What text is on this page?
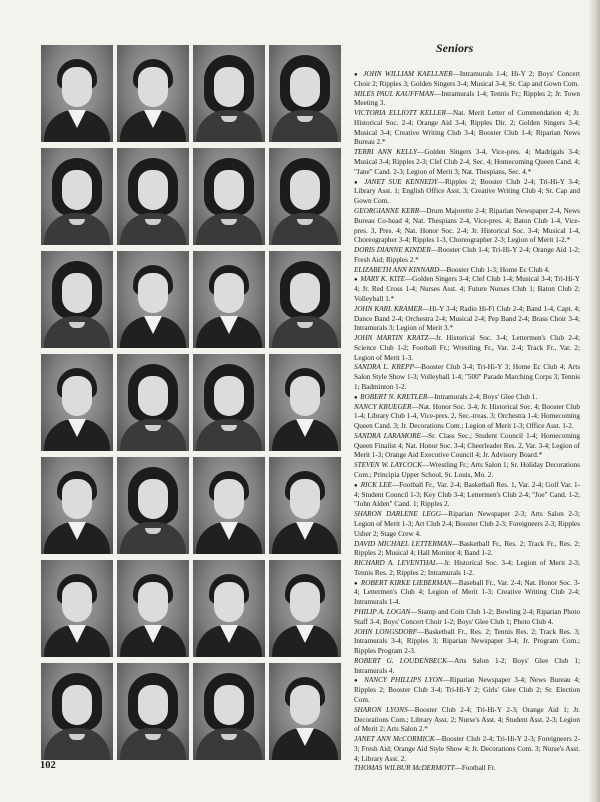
Seniors

● JOHN WILLIAM KAELLNER—Intramurals 1-4; Hi-Y 2; Boys' Concert Choir 2; Ripples 3; Golden Singers 3-4; Musical 3-4; Sr. Cap and Gown Com.

MILES PAUL KAUFFMAN—Intramurals 1-4; Tennis Fr.; Ripples 2; Jr. Town Meeting 3.

VICTORIA ELLIOTT KELLER—Nat. Merit Letter of Commendation 4; Jr. Historical Soc. 2-4; Orange Aid 3-4; Ripples Dir. 2; Golden Singers 3-4; Musical 3-4; Creative Writing Club 3-4; Booster Club 1-4; Riparian News Bureau 2.*

TERRI ANN KELLY—Golden Singers 3-4, Vice-pres. 4; Madrigals 3-4; Musical 3-4; Ripples 2-3; Clef Club 2-4, Sec. 4; Homecoming Queen Cand. 4; "Jane" Cand. 2-3; Legion of Merit 3; Nat. Thespians, Sec. 4.*

● JANET SUE KENNEDY—Ripples 2; Booster Club 2-4; Tri-Hi-Y 3-4; Library Asst. 1; English Office Asst. 3; Creative Writing Club 4; Sr. Cap and Gown Com.

GEORGIANNE KERR—Drum Majorette 2-4; Riparian Newspaper 2-4, News Bureau Co-head 4; Nat. Thespians 2-4, Vice-pres. 4; Baton Club 1-4, Vice-pres. 3, Pres. 4; Nat. Honor Soc. 2-4; Jr. Historical Soc. 3-4; Musical 1-4, Choreographer 3-4; Ripples 1-3, Choreographer 2-3; Legion of Merit 1-2.*

DORIS DIANNE KINDER—Booster Club 1-4; Tri-Hi-Y 2-4; Orange Aid 1-2; Fresh Aid; Ripples 2.*

ELIZABETH ANN KINNARD—Booster Club 1-3; Home Ec Club 4.

● MARY K. KITE—Golden Singers 3-4; Clef Club 1-4; Musical 3-4; Tri-Hi-Y 4; Jr. Red Cross 1-4; Nurses Asst. 4; Future Nurses Club 1; Baton Club 2; Volleyball 1.*

JOHN KARL KRAMER—Hi-Y 3-4; Radio Hi-Fi Club 2-4; Band 1-4, Capt. 4; Dance Band 2-4; Orchestra 2-4; Musical 2-4; Pep Band 2-4; Brass Choir 3-4; Intramurals 3; Legion of Merit 3.*

JOHN MARTIN KRATZ—Jr. Historical Soc. 3-4; Lettermen's Club 2-4; Science Club 1-2; Football Fr.; Wrestling Fr., Var. 2-4; Track Fr., Var. 2; Legion of Merit 1-3.

SANDRA L. KREPP—Booster Club 3-4; Tri-Hi-Y 3; Home Ec Club 4; Arts Salon Style Show 1-3; Volleyball 1-4; "500" Parade Marching Corps 3; Tennis 1; Badminton 1-2.

● ROBERT N. KRETLER—Intramurals 2-4; Boys' Glee Club 1.

NANCY KRUEGER—Nat. Honor Soc. 3-4; Jr. Historical Soc. 4; Booster Club 1-4; Library Club 1-4, Vice-pres. 2, Sec.-treas. 3; Orchestra 1-4; Homecoming Queen Cand. 3; Jr. Decorations Com.; Legion of Merit 1-3; Office Asst. 1-2.

SANDRA LARAMORE—Sr. Class Sec.; Student Council 1-4; Homecoming Queen Finalist 4; Nat. Honor Soc. 3-4; Cheerleader Res. 2, Var. 3-4; Legion of Merit 1-3; Orange Aid Executive Council 4; Jr. Advisory Board.*

STEVEN W. LAYCOCK—Wrestling Fr.; Arts Salon 1; Sr. Holiday Decorations Com.; Principia Upper School, St. Louis, Mo. 2.

● RICK LEE—Football Fr., Var. 2-4; Basketball Res. 1, Var. 2-4; Golf Var. 1-4; Student Council 1-3; Key Club 3-4; Lettermen's Club 2-4; "Joe" Cand. 1-2; "John Alden" Cand. 1; Ripples 2.

SHARON DARLENE LEGG—Riparian Newspaper 2-3; Arts Salon 2-3; Legion of Merit 1-3; Art Club 2-4; Booster Club 2-3; Foreigneers 2-3; Ripples Usher 2; Stage Crew 4.

DAVID MICHAEL LETTERMAN—Basketball Fr., Res. 2; Track Fr., Res. 2; Ripples 2; Musical 4; Hall Monitor 4; Band 1-2.

RICHARD A. LEVENTHAL—Jr. Historical Soc. 3-4; Legion of Merit 2-3; Tennis Res. 2; Ripples 2; Intramurals 1-2.

● ROBERT KIRKE LIEBERMAN—Baseball Fr., Var. 2-4; Nat. Honor Soc. 3-4; Lettermen's Club 4; Legion of Merit 1-3; Creative Writing Club 2-4; Intramurals 1-4.

PHILIP A. LOGAN—Stamp and Coin Club 1-2; Bowling 2-4; Riparian Photo Staff 3-4; Boys' Concert Choir 1-2; Boys' Glee Club 1; Photo Club 4.

JOHN LONGSDORF—Basketball Fr., Res. 2; Tennis Res. 2; Track Res. 3; Intramurals 3-4; Ripples 3; Riparian Newspaper 3-4; Jr. Program Com.; Ripples Program 2-3.

ROBERT G. LOUDENBECK—Arts Salon 1-2; Boys' Glee Club 1; Intramurals 4.

● NANCY PHILLIPS LYON—Riparian Newspaper 3-4; News Bureau 4; Ripples 2; Booster Club 3-4; Tri-Hi-Y 2; Girls' Glee Club 2; Sr. Election Com.

SHARON LYONS—Booster Club 2-4; Tri-Hi-Y 2-3; Orange Aid 1; Jr. Decorations Com.; Library Asst. 2; Nurse's Asst. 4; Student Asst. 2-3; Legion of Merit 2; Arts Salon 2.*

JANET ANN McCORMICK—Booster Club 2-4; Tri-Hi-Y 2-3; Foreigneers 2-3; Fresh Aid; Orange Aid Style Show 4; Jr. Decorations Com. 3; Nurse's Asst. 4; Library Asst. 2.

THOMAS WILBUR McDERMOTT—Football Fr.

102
